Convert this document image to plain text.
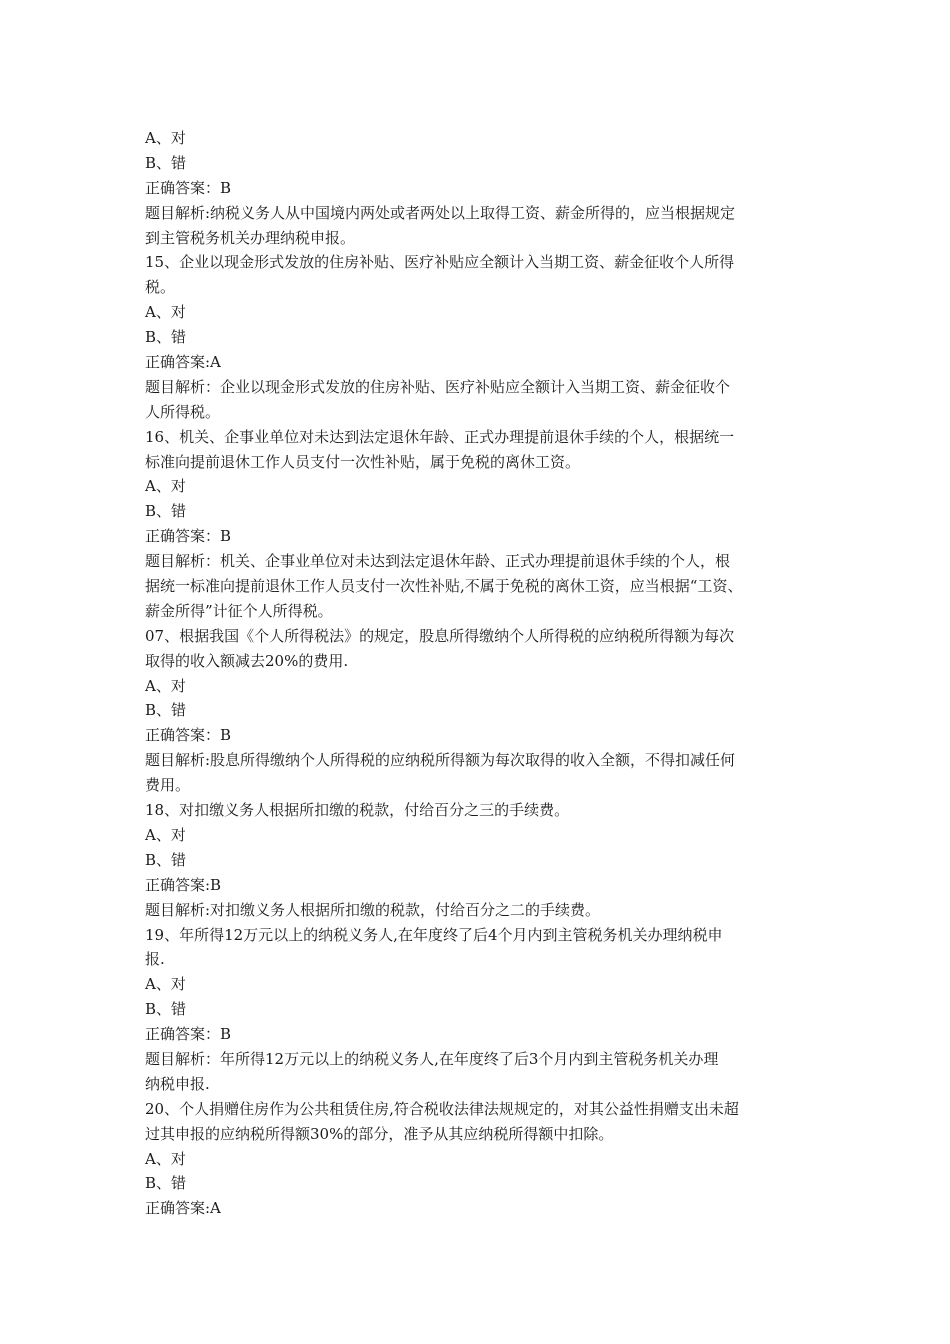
A、对

B、错

正确答案：B

题目解析:纳税义务人从中国境内两处或者两处以上取得工资、薪金所得的，应当根据规定

到主管税务机关办理纳税申报。

15、企业以现金形式发放的住房补贴、医疗补贴应全额计入当期工资、薪金征收个人所得

税。

A、对

B、错

正确答案:A

题目解析：企业以现金形式发放的住房补贴、医疗补贴应全额计入当期工资、薪金征收个

人所得税。

16、机关、企事业单位对未达到法定退休年龄、正式办理提前退休手续的个人，根据统一

标准向提前退休工作人员支付一次性补贴，属于免税的离休工资。

A、对

B、错

正确答案：B

题目解析：机关、企事业单位对未达到法定退休年龄、正式办理提前退休手续的个人，根

据统一标准向提前退休工作人员支付一次性补贴,不属于免税的离休工资，应当根据“工资、

薪金所得”计征个人所得税。

07、根据我国《个人所得税法》的规定，股息所得缴纳个人所得税的应纳税所得额为每次

取得的收入额减去20%的费用.

A、对

B、错

正确答案：B

题目解析:股息所得缴纳个人所得税的应纳税所得额为每次取得的收入全额，不得扣减任何

费用。

18、对扣缴义务人根据所扣缴的税款，付给百分之三的手续费。

A、对

B、错

正确答案:B

题目解析:对扣缴义务人根据所扣缴的税款，付给百分之二的手续费。

19、年所得12万元以上的纳税义务人,在年度终了后4个月内到主管税务机关办理纳税申

报.

A、对

B、错

正确答案：B

题目解析：年所得12万元以上的纳税义务人,在年度终了后3个月内到主管税务机关办理

纳税申报.

20、个人捐赠住房作为公共租赁住房,符合税收法律法规规定的，对其公益性捐赠支出未超

过其申报的应纳税所得额30%的部分，准予从其应纳税所得额中扣除。

A、对

B、错

正确答案:A
